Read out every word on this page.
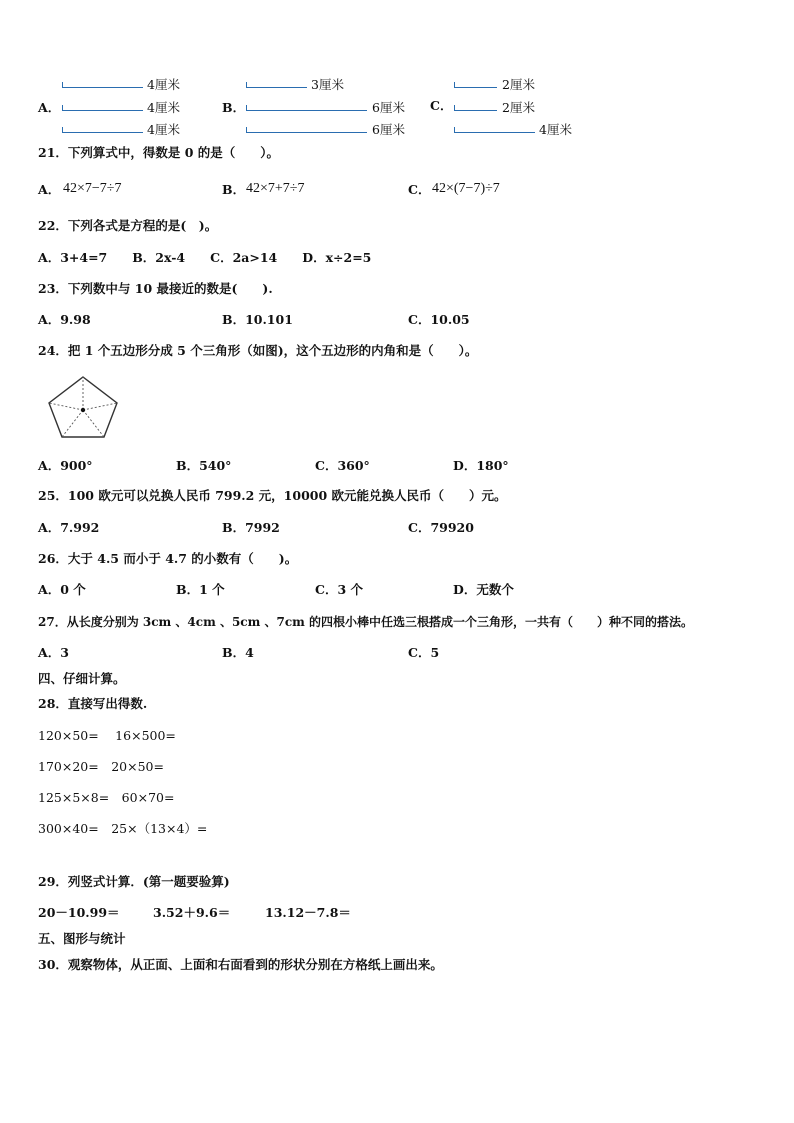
A．
4厘米
4厘米
4厘米
B．
3厘米
6厘米
6厘米
C．
2厘米
2厘米
4厘米
21．下列算式中，得数是 0 的是（　　）。
A． 42×7−7÷7	B． 42×7+7÷7	C． 42×(7−7)÷7
22．下列各式是方程的是(　)。
A．3+4=7　　B．2x-4　　C．2a>14　　D．x÷2=5
23．下列数中与 10 最接近的数是(　　).
A．9.98	B．10.101	C．10.05
24．把 1 个五边形分成 5 个三角形（如图)，这个五边形的内角和是（　　）。
A．900°	B．540°	C．360°	D．180°
25．100 欧元可以兑换人民币 799.2 元，10000 欧元能兑换人民币（　　）元。
A．7.992	B．7992	C．79920
26．大于 4.5 而小于 4.7 的小数有（　　)。
A．0 个	B．1 个	C．3 个	D．无数个
27．从长度分别为 3cm 、4cm 、5cm 、7cm 的四根小棒中任选三根搭成一个三角形，一共有（　　）种不同的搭法。
A．3	B．4	C．5
四、仔细计算。
28．直接写出得数.
120×50=　 16×500=
170×20=　20×50=
125×5×8=　60×70=
300×40=　25×（13×4）=
29．列竖式计算．(第一题要验算)
20－10.99＝	3.52＋9.6＝	13.12－7.8＝
五、图形与统计
30．观察物体，从正面、上面和右面看到的形状分别在方格纸上画出来。
